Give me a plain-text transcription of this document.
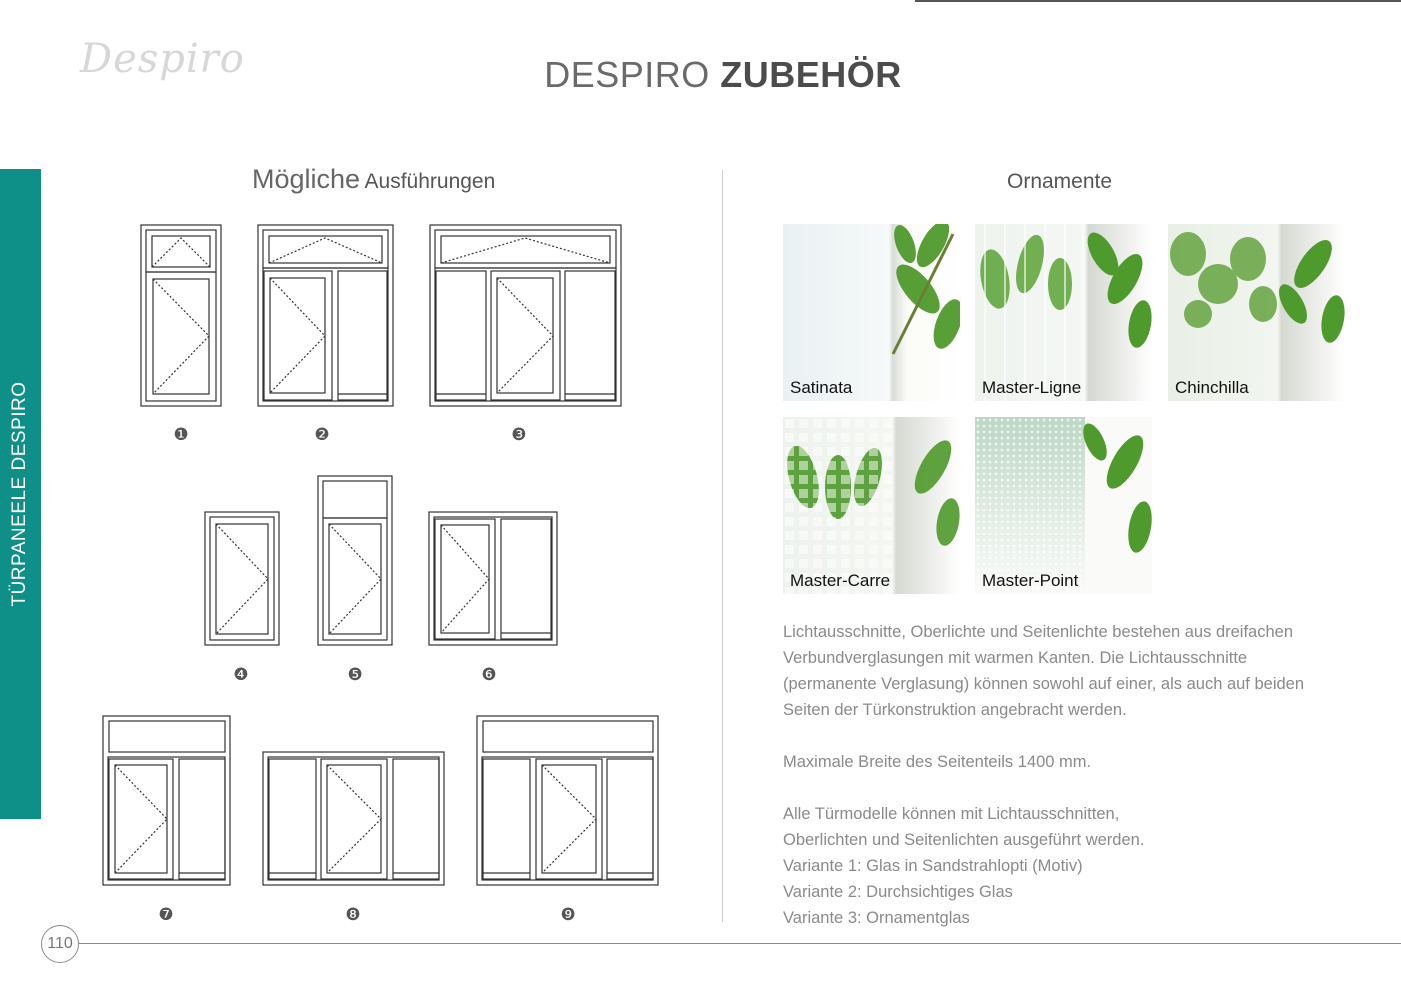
Despiro	DESPIRO ZUBEHÖR
TÜRPANEELE DESPIRO
Mögliche Ausführungen
❶	❷	❸
❹	❺	❻
❼	❽	❾
Ornamente
Satinata	Master-Ligne	Chinchilla
Master-Carre	Master-Point
Lichtausschnitte, Oberlichte und Seitenlichte bestehen aus dreifachen
Verbundverglasungen mit warmen Kanten. Die Lichtausschnitte
(permanente Verglasung) können sowohl auf einer, als auch auf beiden
Seiten der Türkonstruktion angebracht werden.
Maximale Breite des Seitenteils 1400 mm.
Alle Türmodelle können mit Lichtausschnitten,
Oberlichten und Seitenlichten ausgeführt werden.
Variante 1: Glas in Sandstrahlopti (Motiv)
Variante 2: Durchsichtiges Glas
Variante 3: Ornamentglas
110
